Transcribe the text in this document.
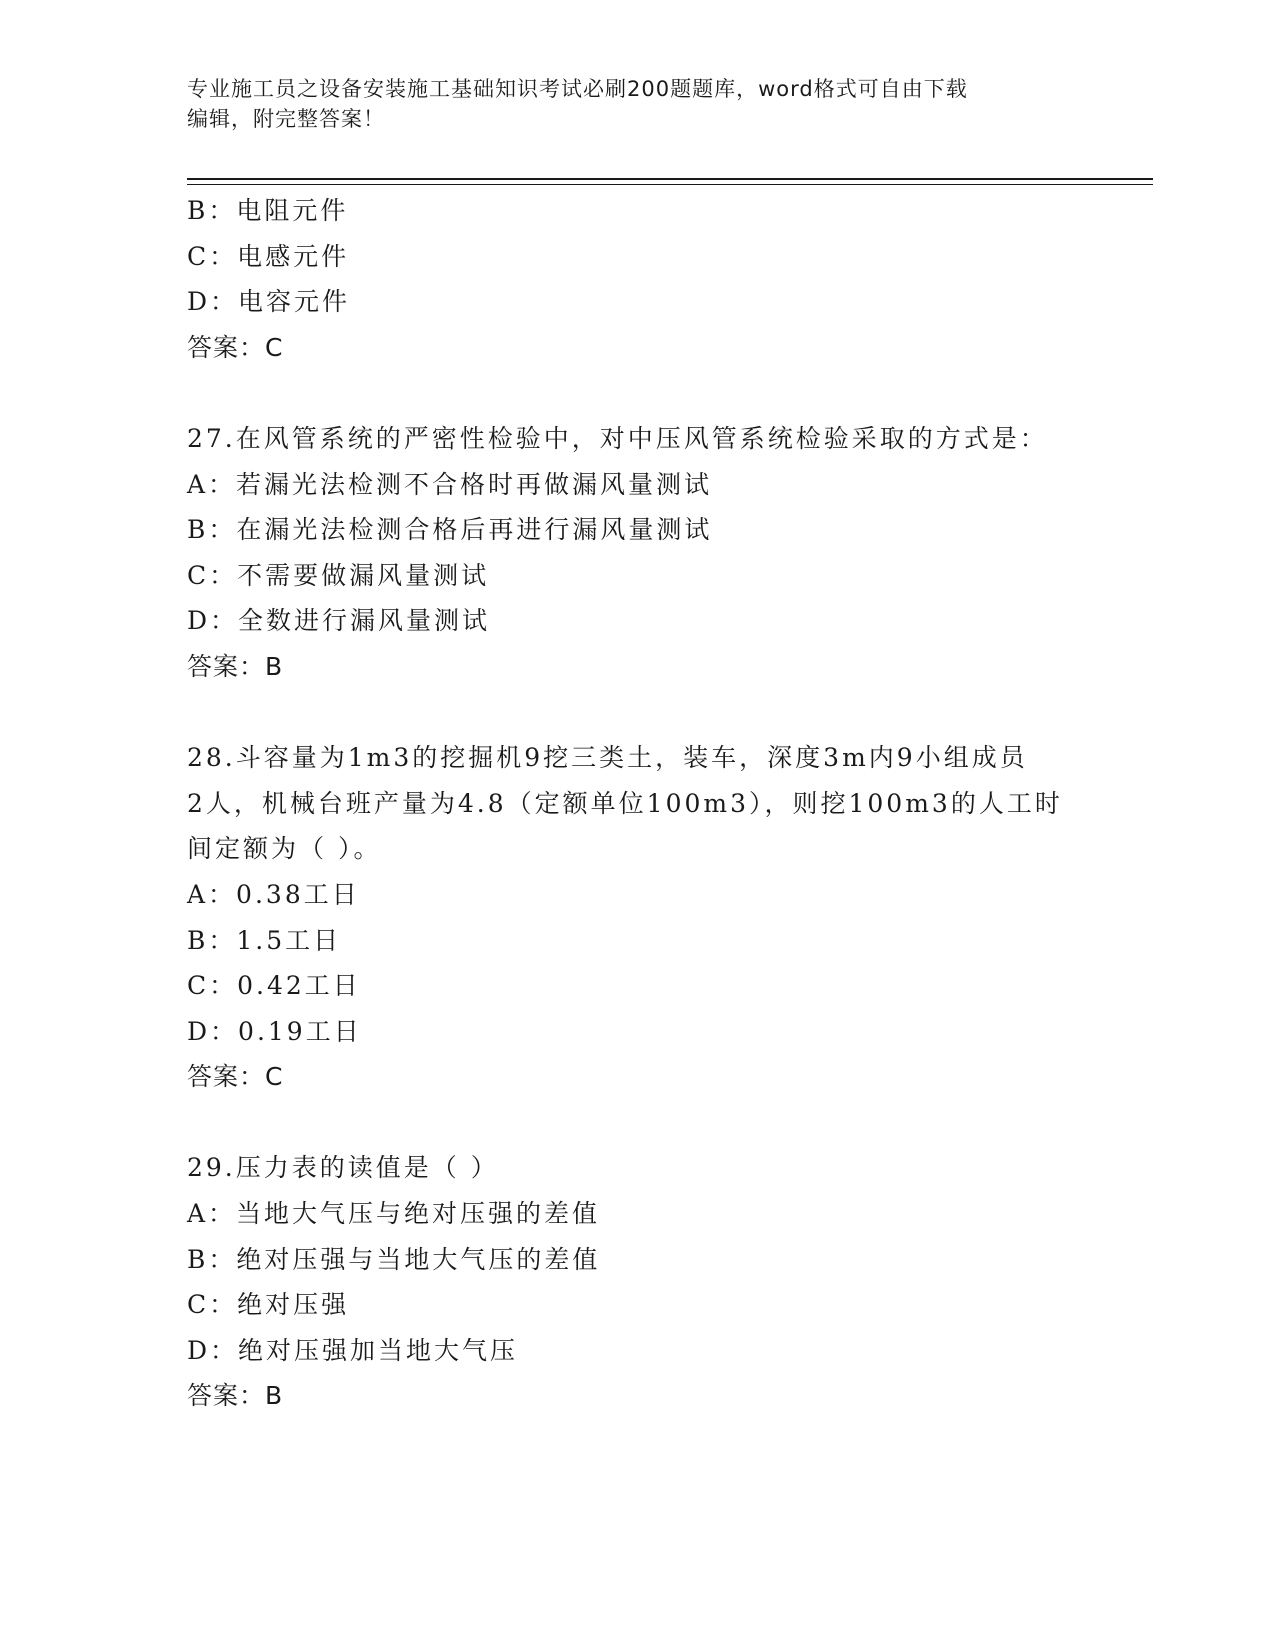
专业施工员之设备安装施工基础知识考试必刷200题题库，word格式可自由下载
编辑，附完整答案！
B：电阻元件
C：电感元件
D：电容元件
答案：C
27.在风管系统的严密性检验中，对中压风管系统检验采取的方式是：
A：若漏光法检测不合格时再做漏风量测试
B：在漏光法检测合格后再进行漏风量测试
C：不需要做漏风量测试
D：全数进行漏风量测试
答案：B
28.斗容量为1m3的挖掘机9挖三类土，装车，深度3m内9小组成员
2人，机械台班产量为4.8（定额单位100m3），则挖100m3的人工时
间定额为（ ）。
A：0.38工日
B：1.5工日
C：0.42工日
D：0.19工日
答案：C
29.压力表的读值是（ ）
A：当地大气压与绝对压强的差值
B：绝对压强与当地大气压的差值
C：绝对压强
D：绝对压强加当地大气压
答案：B
